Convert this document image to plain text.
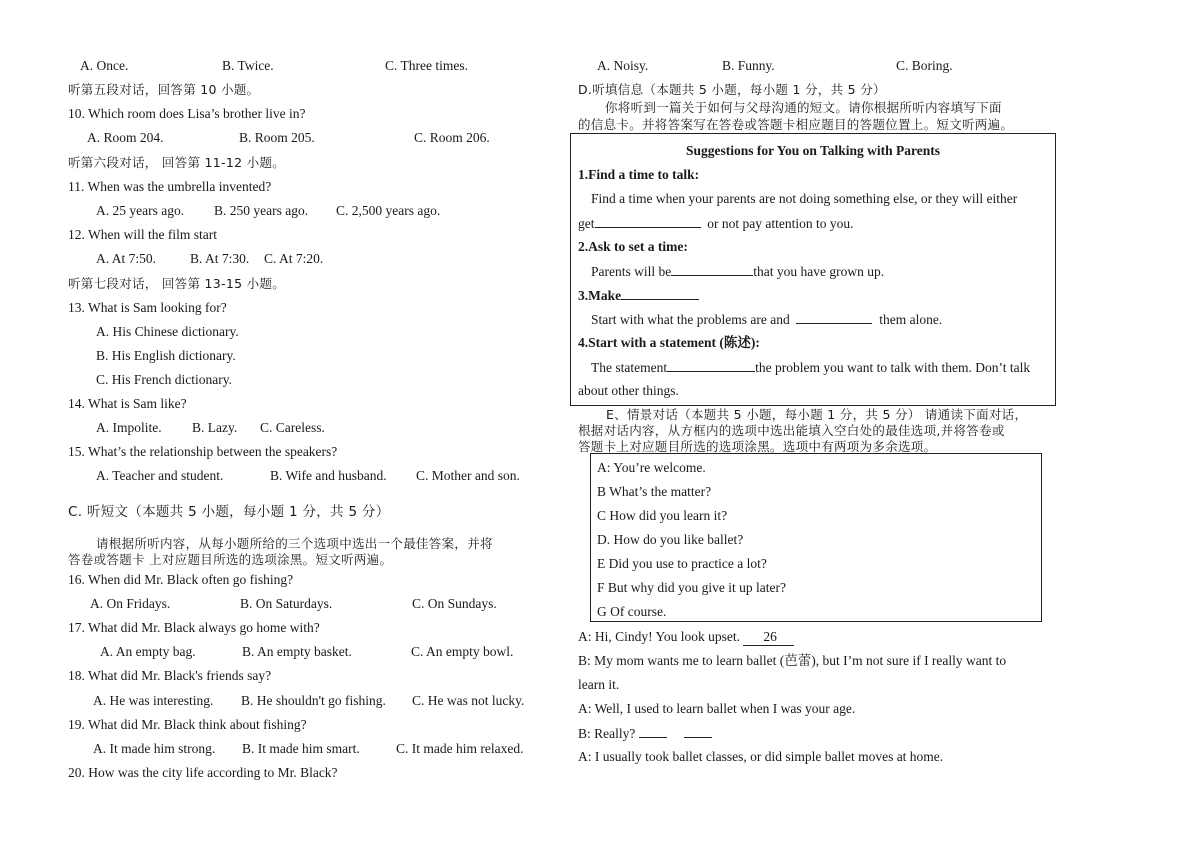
A. Once.	B. Twice.	C. Three times.
听第五段对话，回答第 10 小题。
10. Which room does Lisa’s brother live in?
A. Room 204.	B. Room 205.	C. Room 206.
听第六段对话， 回答第 11-12 小题。
11. When was the umbrella invented?
A. 25 years ago. B. 250 years ago. C. 2,500 years ago.
12. When will the film start
A. At 7:50.	B. At 7:30. C. At 7:20.
听第七段对话， 回答第 13-15 小题。
13. What is Sam looking for?
A. His Chinese dictionary.
B. His English dictionary.
C. His French dictionary.
14. What is Sam like?
A. Impolite. B. Lazy. C. Careless.
15. What’s the relationship between the speakers?
A. Teacher and student.	B. Wife and husband. C. Mother and son.
C. 听短文（本题共 5 小题，每小题 1 分，共 5 分）
请根据所听内容，从每小题所给的三个选项中选出一个最佳答案，并将
答卷或答题卡 上对应题目所选的选项涂黑。短文听两遍。
16. When did Mr. Black often go fishing?
A. On Fridays.	B. On Saturdays.	C. On Sundays.
17. What did Mr. Black always go home with?
A. An empty bag.	B. An empty basket.	C. An empty bowl.
18. What did Mr. Black's friends say?
A. He was interesting. B. He shouldn't go fishing. C. He was not lucky.
19. What did Mr. Black think about fishing?
A. It made him strong. B. It made him smart.	C. It made him relaxed.
20. How was the city life according to Mr. Black?
A. Noisy.	B. Funny.	C. Boring.
D.听填信息（本题共 5 小题，每小题 1 分，共 5 分）
你将听到一篇关于如何与父母沟通的短文。请你根据所听内容填写下面
的信息卡。并将答案写在答卷或答题卡相应题目的答题位置上。短文听两遍。
Suggestions for You on Talking with Parents
1.Find a time to talk:
Find a time when your parents are not doing something else, or they will either
get	or not pay attention to you.
2.Ask to set a time:
Parents will be	that you have grown up.
3.Make
Start with what the problems are and	them alone.
4.Start with a statement (陈述):
The statement	the problem you want to talk with them. Don’t talk
about other things.
E、情景对话（本题共 5 小题，每小题 1 分，共 5 分） 请通读下面对话，
根据对话内容，从方框内的选项中选出能填入空白处的最佳选项,并将答卷或
答题卡上对应题目所选的选项涂黑。选项中有两项为多余选项。
A: You’re welcome.
B What’s the matter?
C How did you learn it?
D. How do you like ballet?
E Did you use to practice a lot?
F But why did you give it up later?
G Of course.
A: Hi, Cindy! You look upset. 26
B: My mom wants me to learn ballet (芭蕾), but I’m not sure if I really want to
learn it.
A: Well, I used to learn ballet when I was your age.
B: Really?
A: I usually took ballet classes, or did simple ballet moves at home.
